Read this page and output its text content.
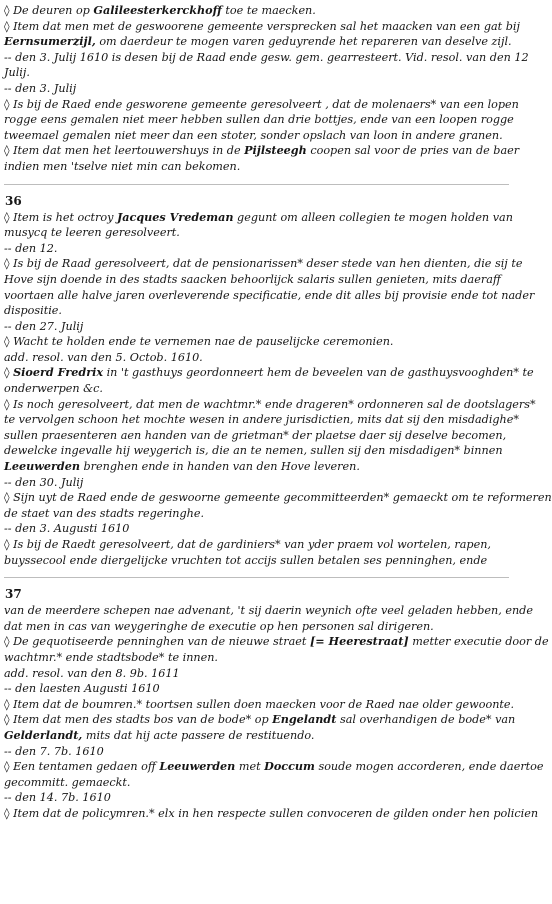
◊ De deuren op Galileesterkerckhoff toe te maecken.
◊ Item dat men met de geswoorene gemeente versprecken sal het maacken van een gat bij
Eernsumerzijl, om daerdeur te mogen varen geduyrende het repareren van deselve zijl.
-- den 3. Julij 1610 is desen bij de Raad ende gesw. gem. gearresteert. Vid. resol. van den 12
Julij.
-- den 3. Julij
◊ Is bij de Raed ende gesworene gemeente geresolveert , dat de molenaers* van een lopen
rogge eens gemalen niet meer hebben sullen dan drie bottjes, ende van een loopen rogge
tweemael gemalen niet meer dan een stoter, sonder opslach van loon in andere granen.
◊ Item dat men het leertouwershuys in de Pijlsteegh coopen sal voor de pries van de baer
indien men 'tselve niet min can bekomen.
36
◊ Item is het octroy Jacques Vredeman gegunt om alleen collegien te mogen holden van
musycq te leeren geresolveert.
-- den 12.
◊ Is bij de Raad geresolveert, dat de pensionarissen* deser stede van hen dienten, die sij te
Hove sijn doende in des stadts saacken behoorlijck salaris sullen genieten, mits daeraff
voortaen alle halve jaren overleverende specificatie, ende dit alles bij provisie ende tot nader
dispositie.
-- den 27. Julij
◊ Wacht te holden ende te vernemen nae de pauselijcke ceremonien.
add. resol. van den 5. Octob. 1610.
◊ Sioerd Fredrix in 't gasthuys geordonneert hem de beveelen van de gasthuysvooghden* te
onderwerpen &c.
◊ Is noch geresolveert, dat men de wachtmr.* ende drageren* ordonneren sal de dootslagers*
te vervolgen schoon het mochte wesen in andere jurisdictien, mits dat sij den misdadighe*
sullen praesenteren aen handen van de grietman* der plaetse daer sij deselve becomen,
dewelcke ingevalle hij weygerich is, die an te nemen, sullen sij den misdadigen* binnen
Leeuwerden brenghen ende in handen van den Hove leveren.
-- den 30. Julij
◊ Sijn uyt de Raed ende de geswoorne gemeente gecommitteerden* gemaeckt om te reformeren
de staet van des stadts regeringhe.
-- den 3. Augusti 1610
◊ Is bij de Raedt geresolveert, dat de gardiniers* van yder praem vol wortelen, rapen,
buyssecool ende diergelijcke vruchten tot accijs sullen betalen ses penninghen, ende
37
van de meerdere schepen nae advenant, 't sij daerin weynich ofte veel geladen hebben, ende
dat men in cas van weygeringhe de executie op hen personen sal dirigeren.
◊ De gequotiseerde penninghen van de nieuwe straet [= Heerestraat] metter executie door de
wachtmr.* ende stadtsbode* te innen.
add. resol. van den 8. 9b. 1611
-- den laesten Augusti 1610
◊ Item dat de boumren.* toortsen sullen doen maecken voor de Raed nae older gewoonte.
◊ Item dat men des stadts bos van de bode* op Engelandt sal overhandigen de bode* van
Gelderlandt, mits dat hij acte passere de restituendo.
-- den 7. 7b. 1610
◊ Een tentamen gedaen off Leeuwerden met Doccum soude mogen accorderen, ende daertoe
gecommitt. gemaeckt.
-- den 14. 7b. 1610
◊ Item dat de policymren.* elx in hen respecte sullen convoceren de gilden onder hen policien
